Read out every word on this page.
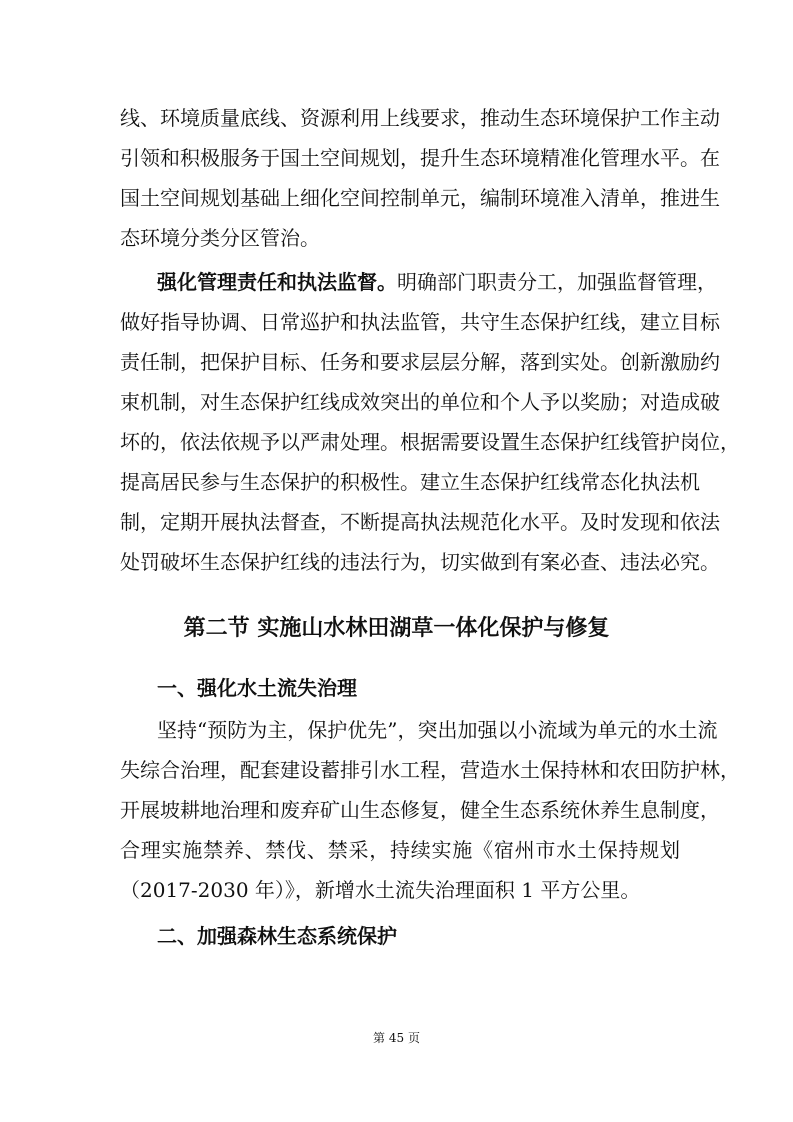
线、环境质量底线、资源利用上线要求，推动生态环境保护工作主动
引领和积极服务于国土空间规划，提升生态环境精准化管理水平。在
国土空间规划基础上细化空间控制单元，编制环境准入清单，推进生
态环境分类分区管治。
强化管理责任和执法监督。明确部门职责分工，加强监督管理，
做好指导协调、日常巡护和执法监管，共守生态保护红线，建立目标
责任制，把保护目标、任务和要求层层分解，落到实处。创新激励约
束机制，对生态保护红线成效突出的单位和个人予以奖励；对造成破
坏的，依法依规予以严肃处理。根据需要设置生态保护红线管护岗位，
提高居民参与生态保护的积极性。建立生态保护红线常态化执法机
制，定期开展执法督查，不断提高执法规范化水平。及时发现和依法
处罚破坏生态保护红线的违法行为，切实做到有案必查、违法必究。
第二节 实施山水林田湖草一体化保护与修复
一、强化水土流失治理
坚持“预防为主，保护优先”，突出加强以小流域为单元的水土流
失综合治理，配套建设蓄排引水工程，营造水土保持林和农田防护林，
开展坡耕地治理和废弃矿山生态修复，健全生态系统休养生息制度，
合理实施禁养、禁伐、禁采，持续实施《宿州市水土保持规划
（2017-2030 年）》，新增水土流失治理面积 1 平方公里。
二、加强森林生态系统保护
第 45 页
